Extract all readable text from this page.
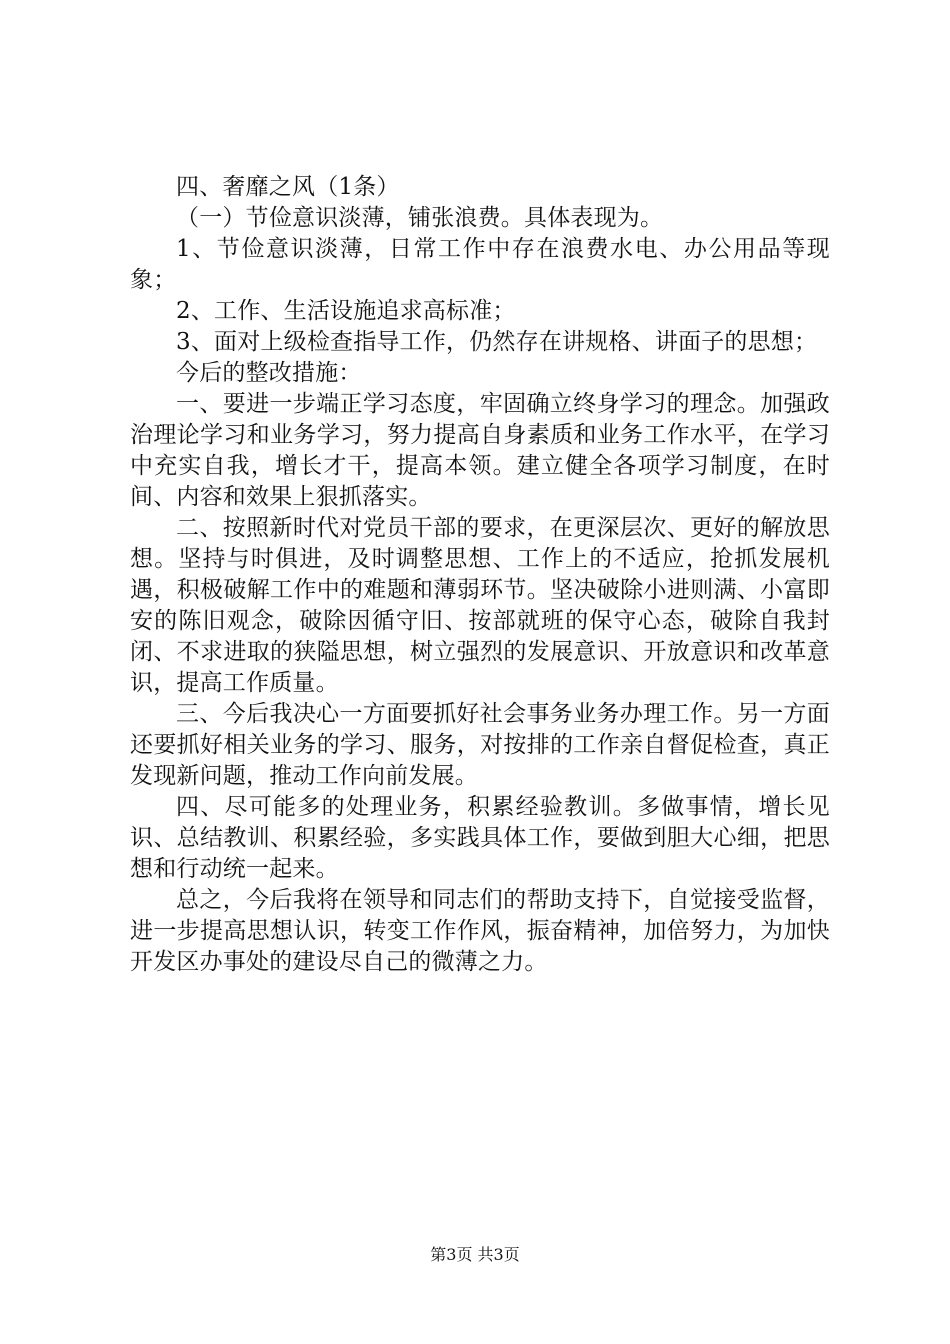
四、奢靡之风（1条）

（一）节俭意识淡薄，铺张浪费。具体表现为。

1、节俭意识淡薄，日常工作中存在浪费水电、办公用品等现象；

2、工作、生活设施追求高标准；

3、面对上级检查指导工作，仍然存在讲规格、讲面子的思想；

今后的整改措施：

一、要进一步端正学习态度，牢固确立终身学习的理念。加强政治理论学习和业务学习，努力提高自身素质和业务工作水平，在学习中充实自我，增长才干，提高本领。建立健全各项学习制度，在时间、内容和效果上狠抓落实。

二、按照新时代对党员干部的要求，在更深层次、更好的解放思想。坚持与时俱进，及时调整思想、工作上的不适应，抢抓发展机遇，积极破解工作中的难题和薄弱环节。坚决破除小进则满、小富即安的陈旧观念，破除因循守旧、按部就班的保守心态，破除自我封闭、不求进取的狭隘思想，树立强烈的发展意识、开放意识和改革意识，提高工作质量。

三、今后我决心一方面要抓好社会事务业务办理工作。另一方面还要抓好相关业务的学习、服务，对按排的工作亲自督促检查，真正发现新问题，推动工作向前发展。

四、尽可能多的处理业务，积累经验教训。多做事情，增长见识、总结教训、积累经验，多实践具体工作，要做到胆大心细，把思想和行动统一起来。

总之，今后我将在领导和同志们的帮助支持下，自觉接受监督，进一步提高思想认识，转变工作作风，振奋精神，加倍努力，为加快开发区办事处的建设尽自己的微薄之力。

第3页 共3页
